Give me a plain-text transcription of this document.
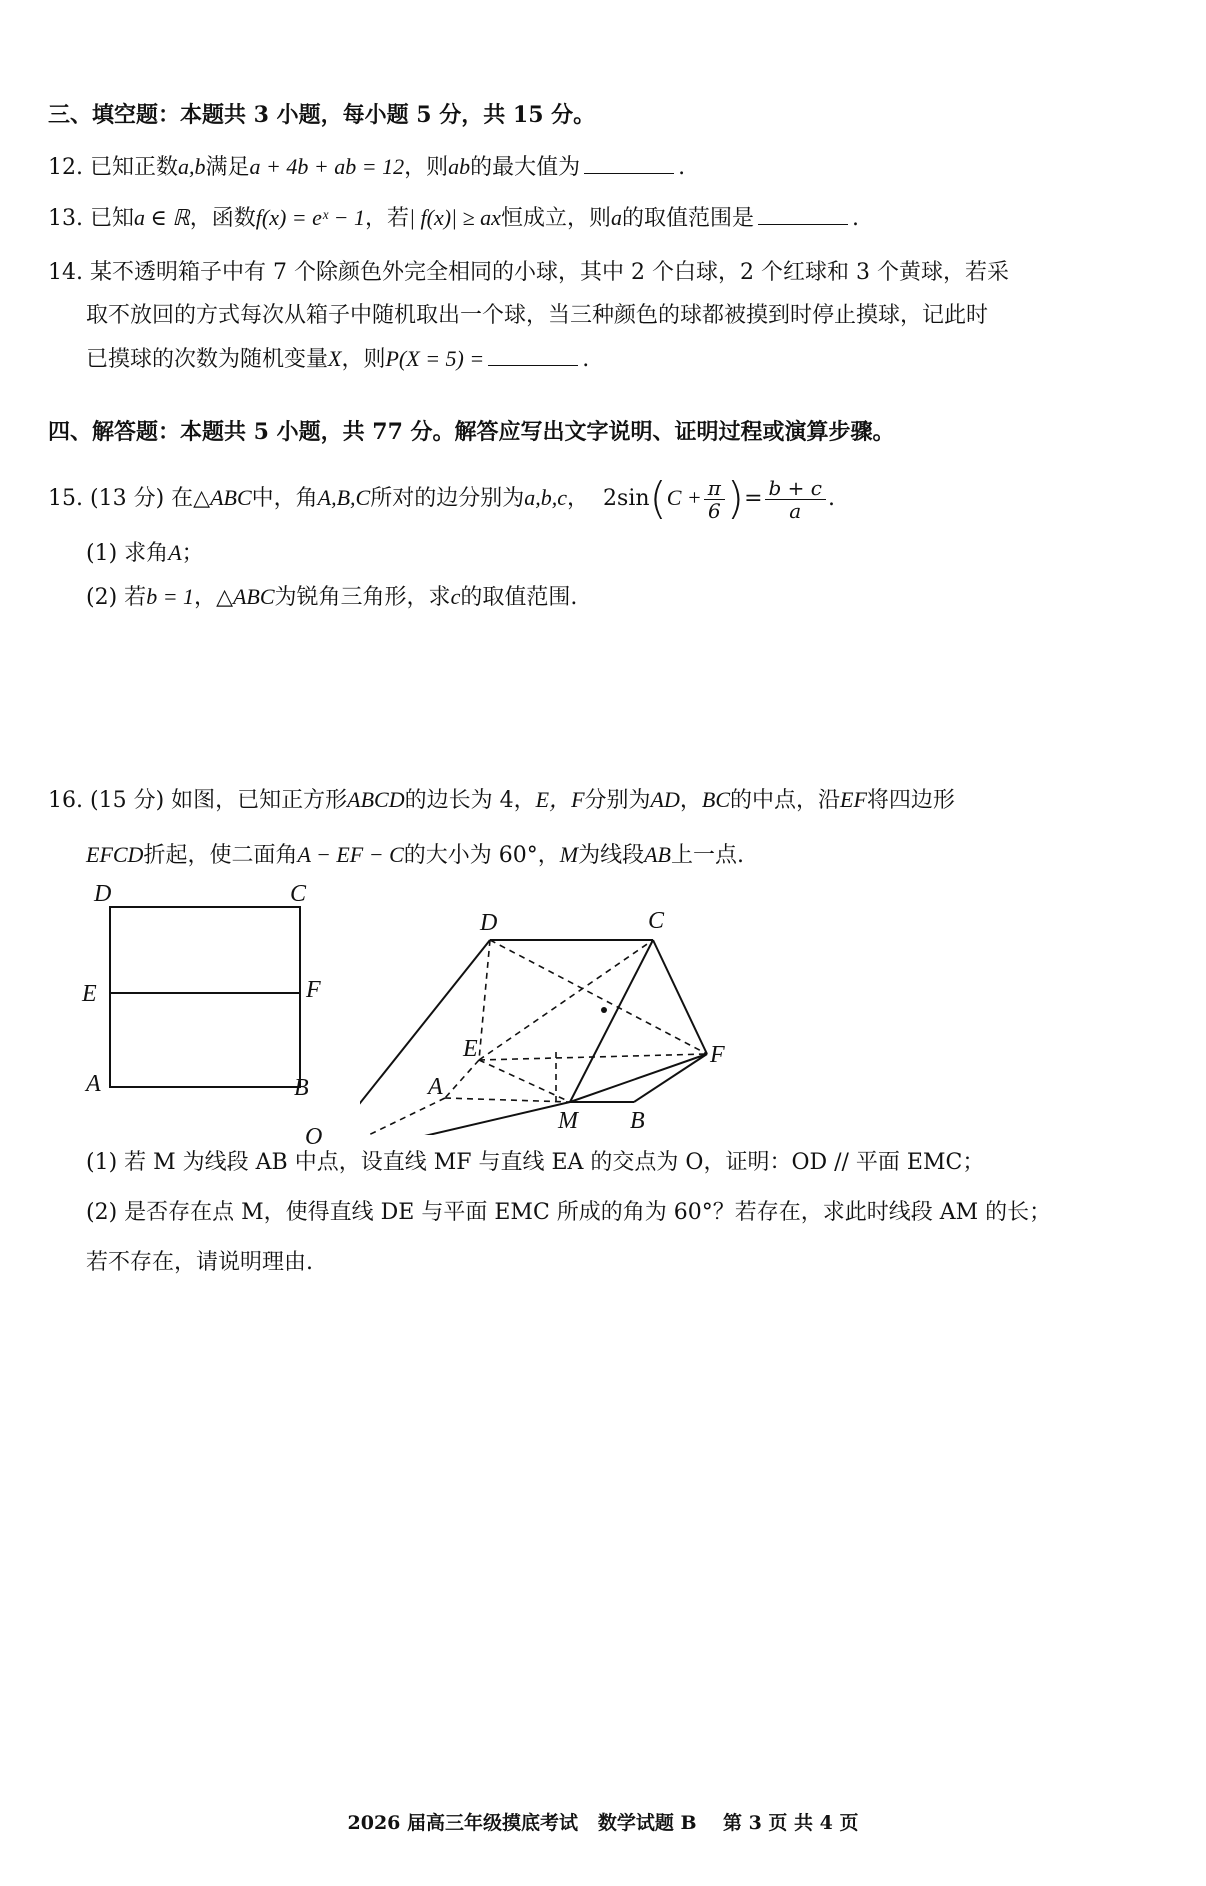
三、填空题：本题共 3 小题，每小题 5 分，共 15 分。
12. 已知正数a,b满足a + 4b + ab = 12，则ab的最大值为	.
13. 已知a ∈ ℝ，函数f(x) = eˣ − 1，若| f(x)| ≥ ax恒成立，则a的取值范围是	.
14. 某不透明箱子中有 7 个除颜色外完全相同的小球，其中 2 个白球，2 个红球和 3 个黄球，若采
取不放回的方式每次从箱子中随机取出一个球，当三种颜色的球都被摸到时停止摸球，记此时
已摸球的次数为随机变量X，则P(X = 5) =	.
四、解答题：本题共 5 小题，共 77 分。解答应写出文字说明、证明过程或演算步骤。
15. (13 分) 在△ABC中，角A,B,C所对的边分别为a,b,c， $2\sin(C + \frac{\pi}{6}$ )= $\frac{b + c}{a}$ .
(1) 求角A；
(2) 若b = 1，△ABC为锐角三角形，求c的取值范围.
16. (15 分) 如图，已知正方形ABCD的边长为 4，E，F分别为AD，BC的中点，沿EF将四边形
EFCD折起，使二面角A − EF − C的大小为 60°，M为线段AB上一点.
D	C
E	F
A	B
D	C
E	F
A
M B
O
(1) 若 M 为线段 AB 中点，设直线 MF 与直线 EA 的交点为 O，证明：OD // 平面 EMC；
(2) 是否存在点 M，使得直线 DE 与平面 EMC 所成的角为 60°？若存在，求此时线段 AM 的长；
若不存在，请说明理由.
2026 届高三年级摸底考试   数学试题 B    第 3 页 共 4 页
